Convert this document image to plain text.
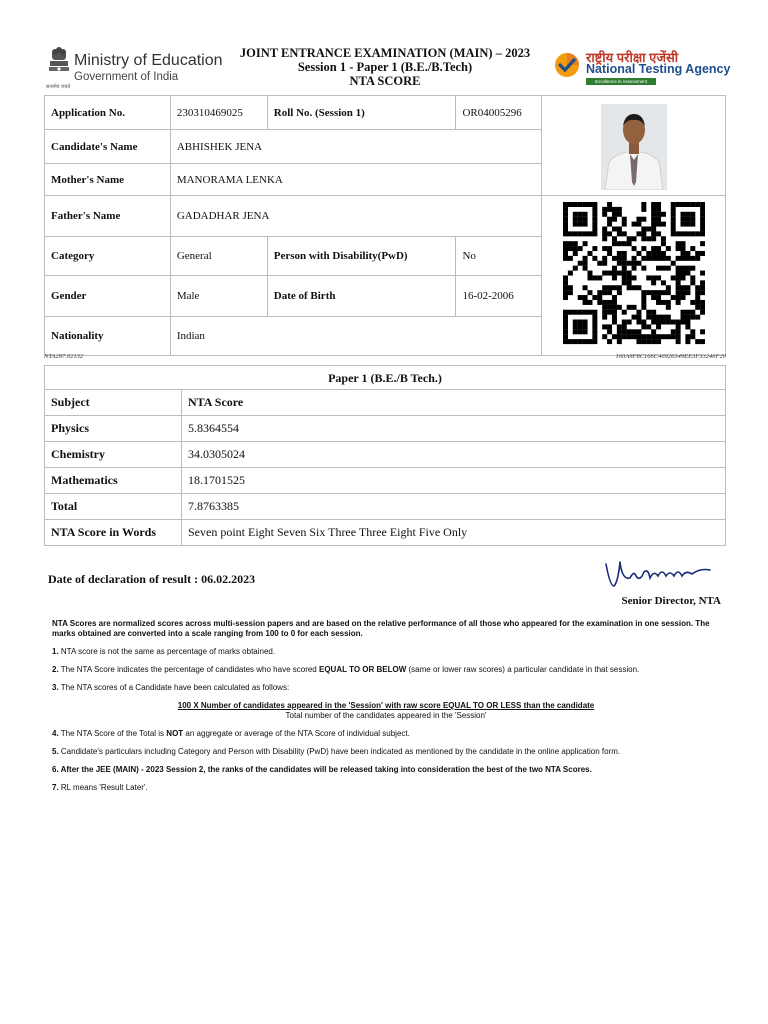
Ministry of Education
Government of India
सत्यमेव जयते
JOINT ENTRANCE EXAMINATION (MAIN) – 2023
Session 1 - Paper 1 (B.E./B.Tech)
NTA SCORE
राष्ट्रीय परीक्षा एजेंसी
National Testing Agency
Excellence in Assessment
Application No.	230310469025	Roll No. (Session 1)	OR04005296	
Candidate's Name	ABHISHEK JENA			
Mother's Name	MANORAMA LENKA			
Father's Name	GADADHAR JENA			
Category	General	Person with Disability(PwD)	No	
Gender	Male	Date of Birth	16-02-2006	
Nationality	Indian			
NTA297.02132	160A9F8C166C46926349EE3F33246F20
Paper 1 (B.E./B Tech.)
Subject	NTA Score
Physics	5.8364554
Chemistry	34.0305024
Mathematics	18.1701525
Total	7.8763385
NTA Score in Words	Seven point Eight Seven Six Three Three Eight Five Only
Date of declaration of result : 06.02.2023
Senior Director, NTA

NTA Scores are normalized scores across multi-session papers and are based on the relative performance of all those who appeared for the examination in one session. The marks obtained are converted into a scale ranging from 100 to 0 for each session.

1. NTA score is not the same as percentage of marks obtained.

2. The NTA Score indicates the percentage of candidates who have scored EQUAL TO OR BELOW (same or lower raw scores) a particular candidate in that session.

3. The NTA scores of a Candidate have been calculated as follows:

100 X Number of candidates appeared in the 'Session' with raw score EQUAL TO OR LESS than the candidate
Total number of the candidates appeared in the 'Session'

4. The NTA Score of the Total is NOT an aggregate or average of the NTA Score of individual subject.

5. Candidate's particulars including Category and Person with Disability (PwD) have been indicated as mentioned by the candidate in the online application form.

6. After the JEE (MAIN) - 2023 Session 2, the ranks of the candidates will be released taking into consideration the best of the two NTA Scores.

7. RL means 'Result Later'.
